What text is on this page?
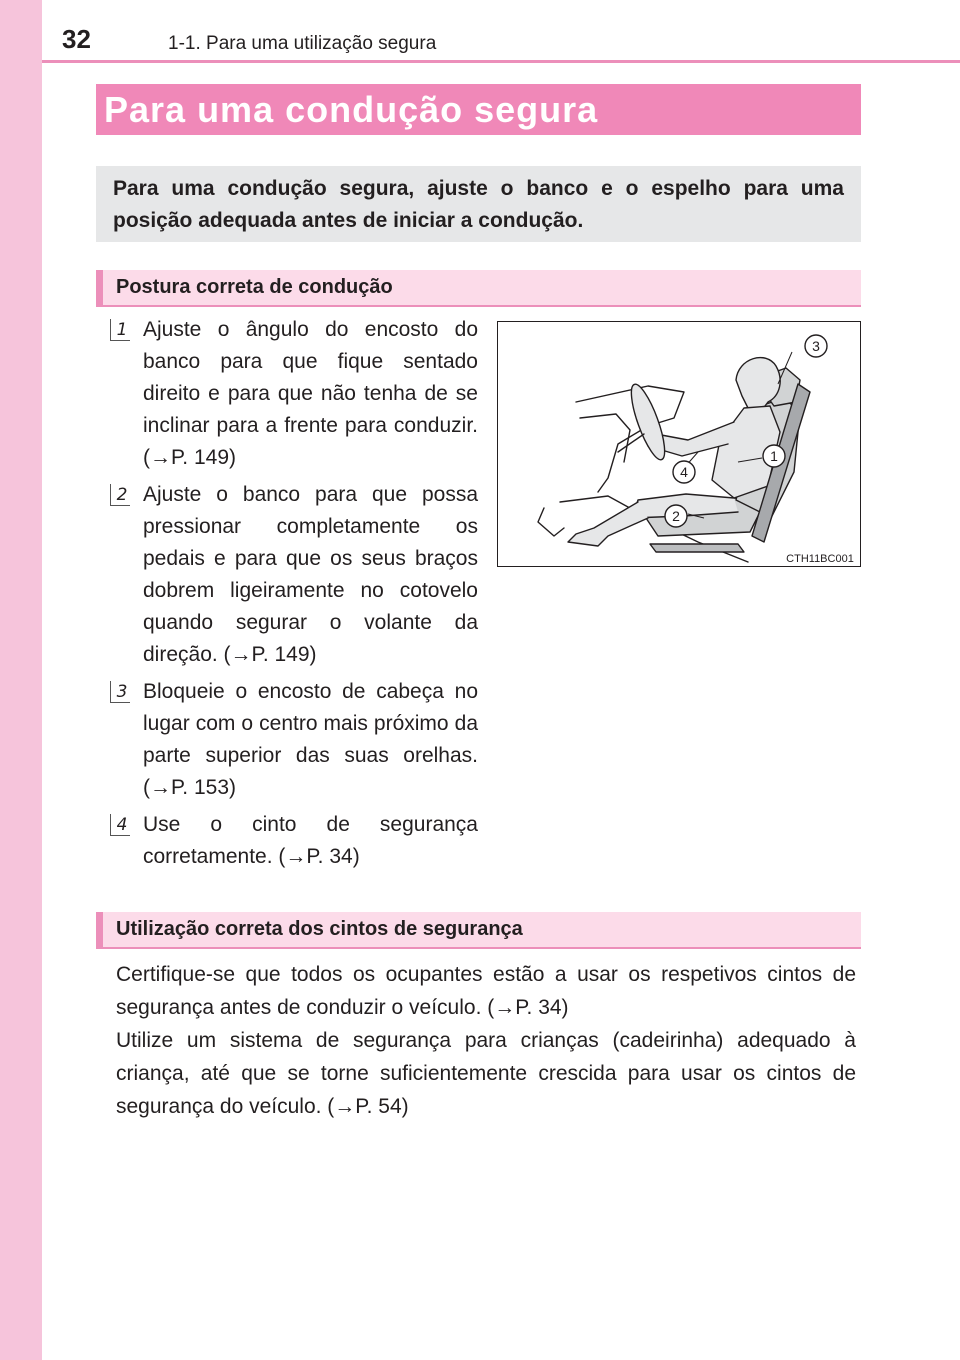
32	1-1. Para uma utilização segura
Para uma condução segura
Para uma condução segura, ajuste o banco e o espelho para uma posição adequada antes de iniciar a condução.
Postura correta de condução
1 Ajuste o ângulo do encosto do banco para que fique sentado direito e para que não tenha de se inclinar para a frente para conduzir. (→P. 149)
2 Ajuste o banco para que possa pressionar completamente os pedais e para que os seus braços dobrem ligeiramente no cotovelo quando segurar o volante da direção. (→P. 149)
3 Bloqueie o encosto de cabeça no lugar com o centro mais próximo da parte superior das suas orelhas. (→P. 153)
4 Use o cinto de segurança corretamente. (→P. 34)
3
1
4
2
CTH11BC001
Utilização correta dos cintos de segurança

Certifique-se que todos os ocupantes estão a usar os respetivos cintos de segurança antes de conduzir o veículo. (→P. 34)

Utilize um sistema de segurança para crianças (cadeirinha) adequado à criança, até que se torne suficientemente crescida para usar os cintos de segurança do veículo. (→P. 54)
